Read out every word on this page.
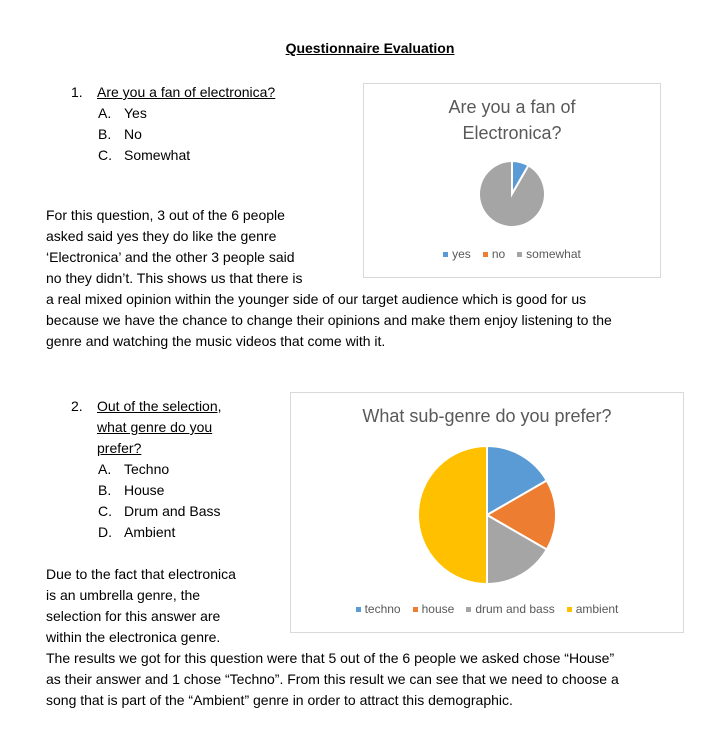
Questionnaire Evaluation
1. Are you a fan of electronica?
A. Yes
B. No
C. Somewhat
For this question, 3 out of the 6 people
asked said yes they do like the genre
‘Electronica’ and the other 3 people said
no they didn’t. This shows us that there is
a real mixed opinion within the younger side of our target audience which is good for us
because we have the chance to change their opinions and make them enjoy listening to the
genre and watching the music videos that come with it.
Are you a fan of
Electronica?
yes no somewhat
2. Out of the selection,
what genre do you
prefer?
A. Techno
B. House
C. Drum and Bass
D. Ambient
Due to the fact that electronica
is an umbrella genre, the
selection for this answer are
within the electronica genre.
The results we got for this question were that 5 out of the 6 people we asked chose “House”
as their answer and 1 chose “Techno”. From this result we can see that we need to choose a
song that is part of the “Ambient” genre in order to attract this demographic.
What sub-genre do you prefer?
techno house drum and bass ambient
